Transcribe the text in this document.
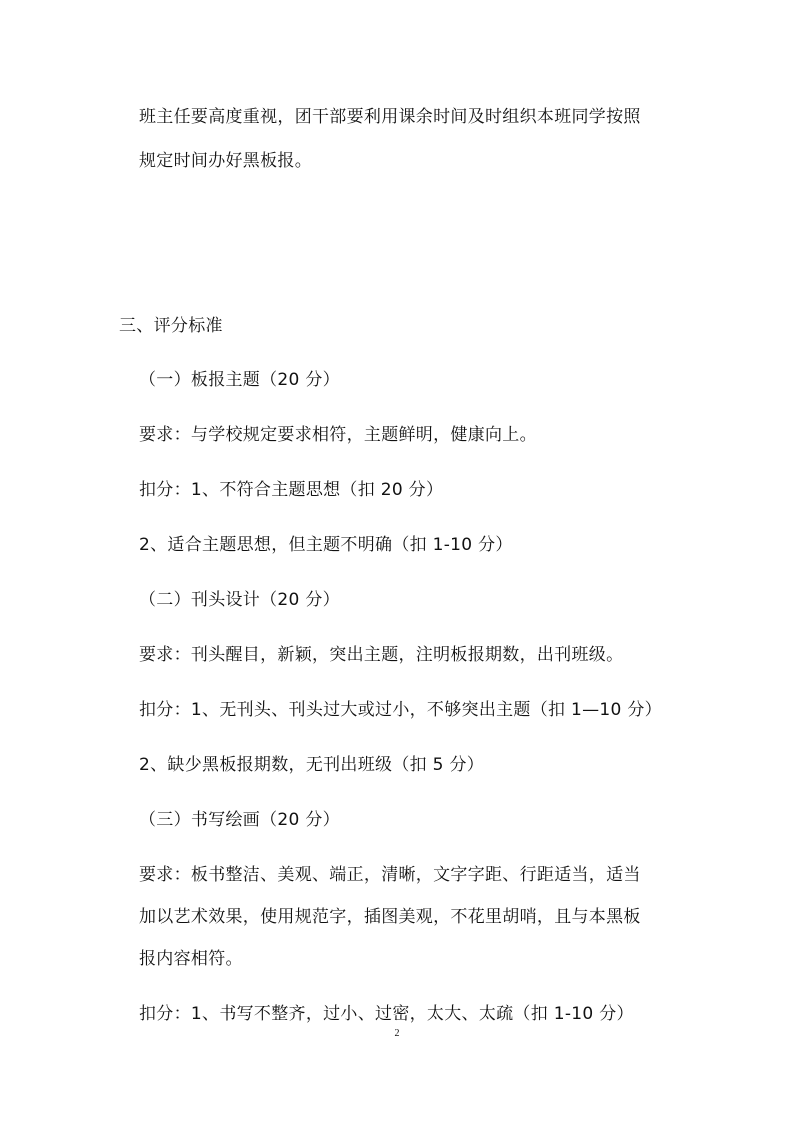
班主任要高度重视，团干部要利用课余时间及时组织本班同学按照
规定时间办好黑板报。
三、评分标准
（一）板报主题（20 分）
要求：与学校规定要求相符，主题鲜明，健康向上。
扣分：1、不符合主题思想（扣 20 分）
2、适合主题思想，但主题不明确（扣 1-10 分）
（二）刊头设计（20 分）
要求：刊头醒目，新颖，突出主题，注明板报期数，出刊班级。
扣分：1、无刊头、刊头过大或过小，不够突出主题（扣 1—10 分）
2、缺少黑板报期数，无刊出班级（扣 5 分）
（三）书写绘画（20 分）
要求：板书整洁、美观、端正，清晰，文字字距、行距适当，适当
加以艺术效果，使用规范字，插图美观，不花里胡哨，且与本黑板
报内容相符。
扣分：1、书写不整齐，过小、过密，太大、太疏（扣 1-10 分）
2
